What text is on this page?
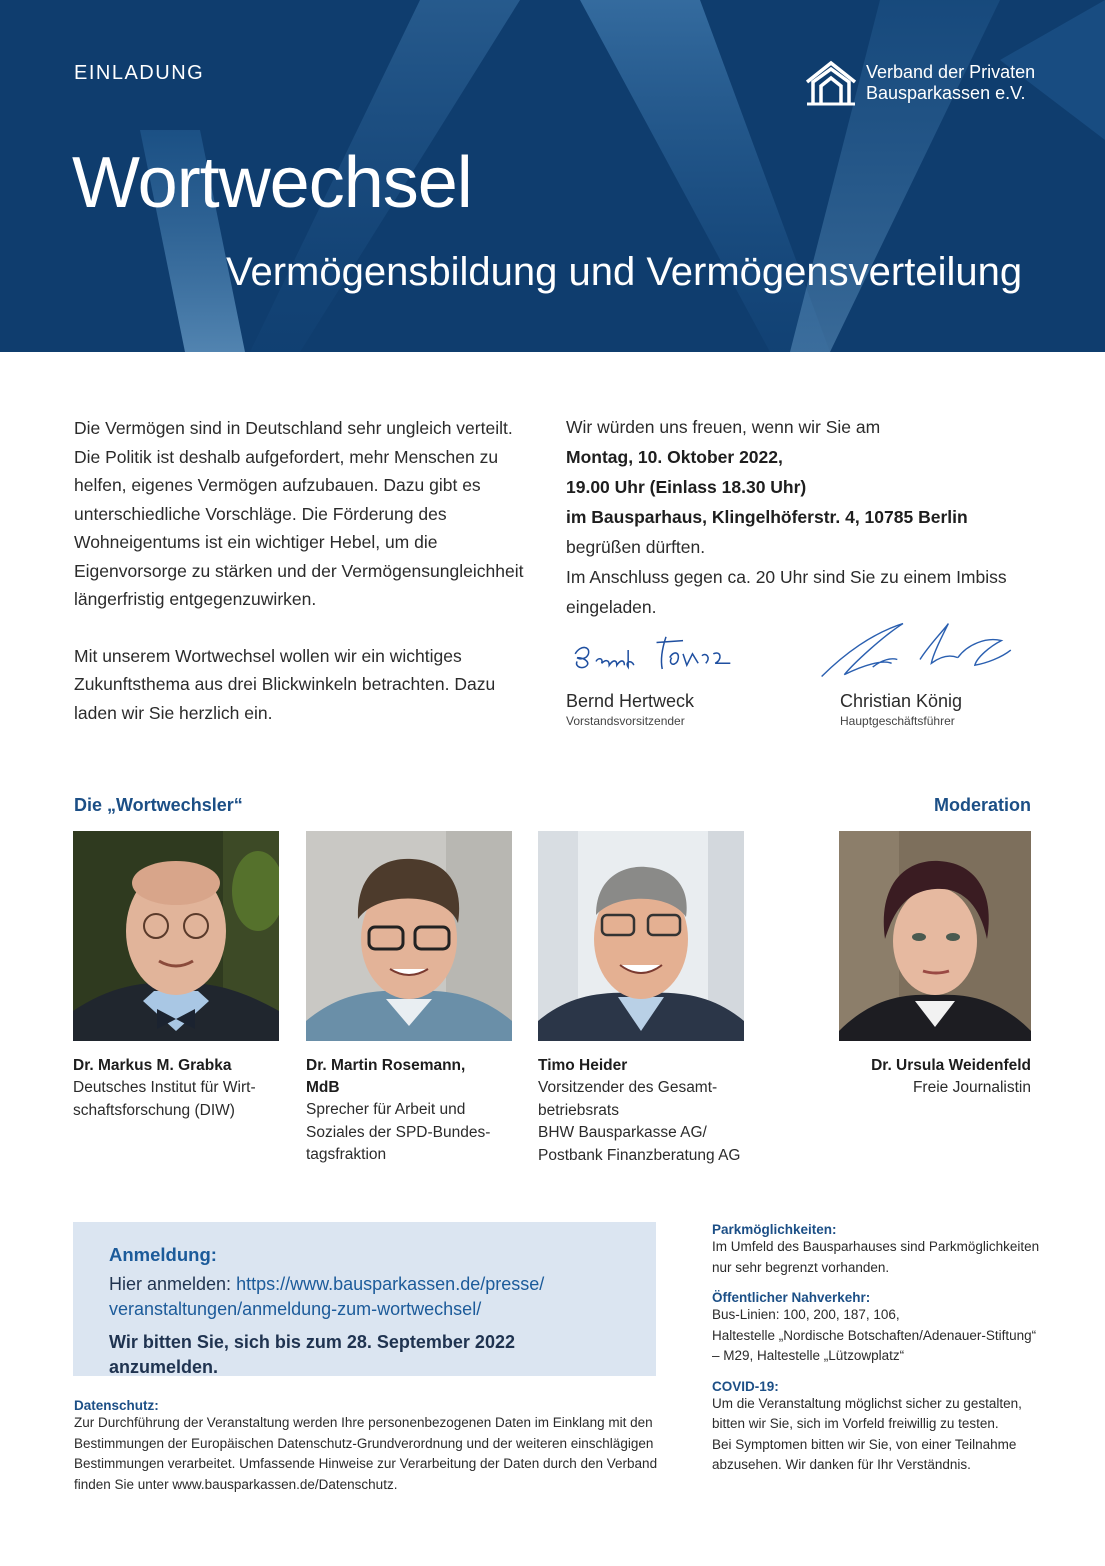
EINLADUNG
Wortwechsel
Vermögensbildung und Vermögensverteilung
Verband der Privaten
Bausparkassen e.V.

Die Vermögen sind in Deutschland sehr ungleich verteilt. Die Politik ist deshalb aufgefordert, mehr Menschen zu helfen, eigenes Vermögen aufzubauen. Dazu gibt es unterschiedliche Vorschläge. Die Förderung des Wohneigentums ist ein wichtiger Hebel, um die Eigenvorsorge zu stärken und der Vermögensungleichheit längerfristig entgegenzuwirken.

Mit unserem Wortwechsel wollen wir ein wichtiges Zukunftsthema aus drei Blickwinkeln betrachten. Dazu laden wir Sie herzlich ein.

Wir würden uns freuen, wenn wir Sie am
Montag, 10. Oktober 2022,
19.00 Uhr (Einlass 18.30 Uhr)
im Bausparhaus, Klingelhöferstr. 4, 10785 Berlin
begrüßen dürften.
Im Anschluss gegen ca. 20 Uhr sind Sie zu einem Imbiss eingeladen.
Bernd Hertweck
Vorstandsvorsitzender
Christian König
Hauptgeschäftsführer
Die „Wortwechsler“	Moderation
Dr. Markus M. Grabka
Deutsches Institut für Wirt-
schaftsforschung (DIW)
Dr. Martin Rosemann,
MdB
Sprecher für Arbeit und
Soziales der SPD-Bundes-
tagsfraktion
Timo Heider
Vorsitzender des Gesamt-
betriebsrats
BHW Bausparkasse AG/
Postbank Finanzberatung AG
Dr. Ursula Weidenfeld
Freie Journalistin
Anmeldung:
Hier anmelden: https://www.bausparkassen.de/presse/
veranstaltungen/anmeldung-zum-wortwechsel/
Wir bitten Sie, sich bis zum 28. September 2022 anzumelden.
Datenschutz:
Zur Durchführung der Veranstaltung werden Ihre personenbezogenen Daten im Einklang mit den Bestimmungen der Europäischen Datenschutz-Grundverordnung und der weiteren einschlägigen Bestimmungen verarbeitet. Umfassende Hinweise zur Verarbeitung der Daten durch den Verband finden Sie unter www.bausparkassen.de/Datenschutz.
Parkmöglichkeiten:
Im Umfeld des Bausparhauses sind Parkmöglichkeiten nur sehr begrenzt vorhanden.
Öffentlicher Nahverkehr:
Bus-Linien: 100, 200, 187, 106,
Haltestelle „Nordische Botschaften/Adenauer-Stiftung“ – M29, Haltestelle „Lützowplatz“
COVID-19:
Um die Veranstaltung möglichst sicher zu gestalten, bitten wir Sie, sich im Vorfeld freiwillig zu testen.
Bei Symptomen bitten wir Sie, von einer Teilnahme abzusehen. Wir danken für Ihr Verständnis.
